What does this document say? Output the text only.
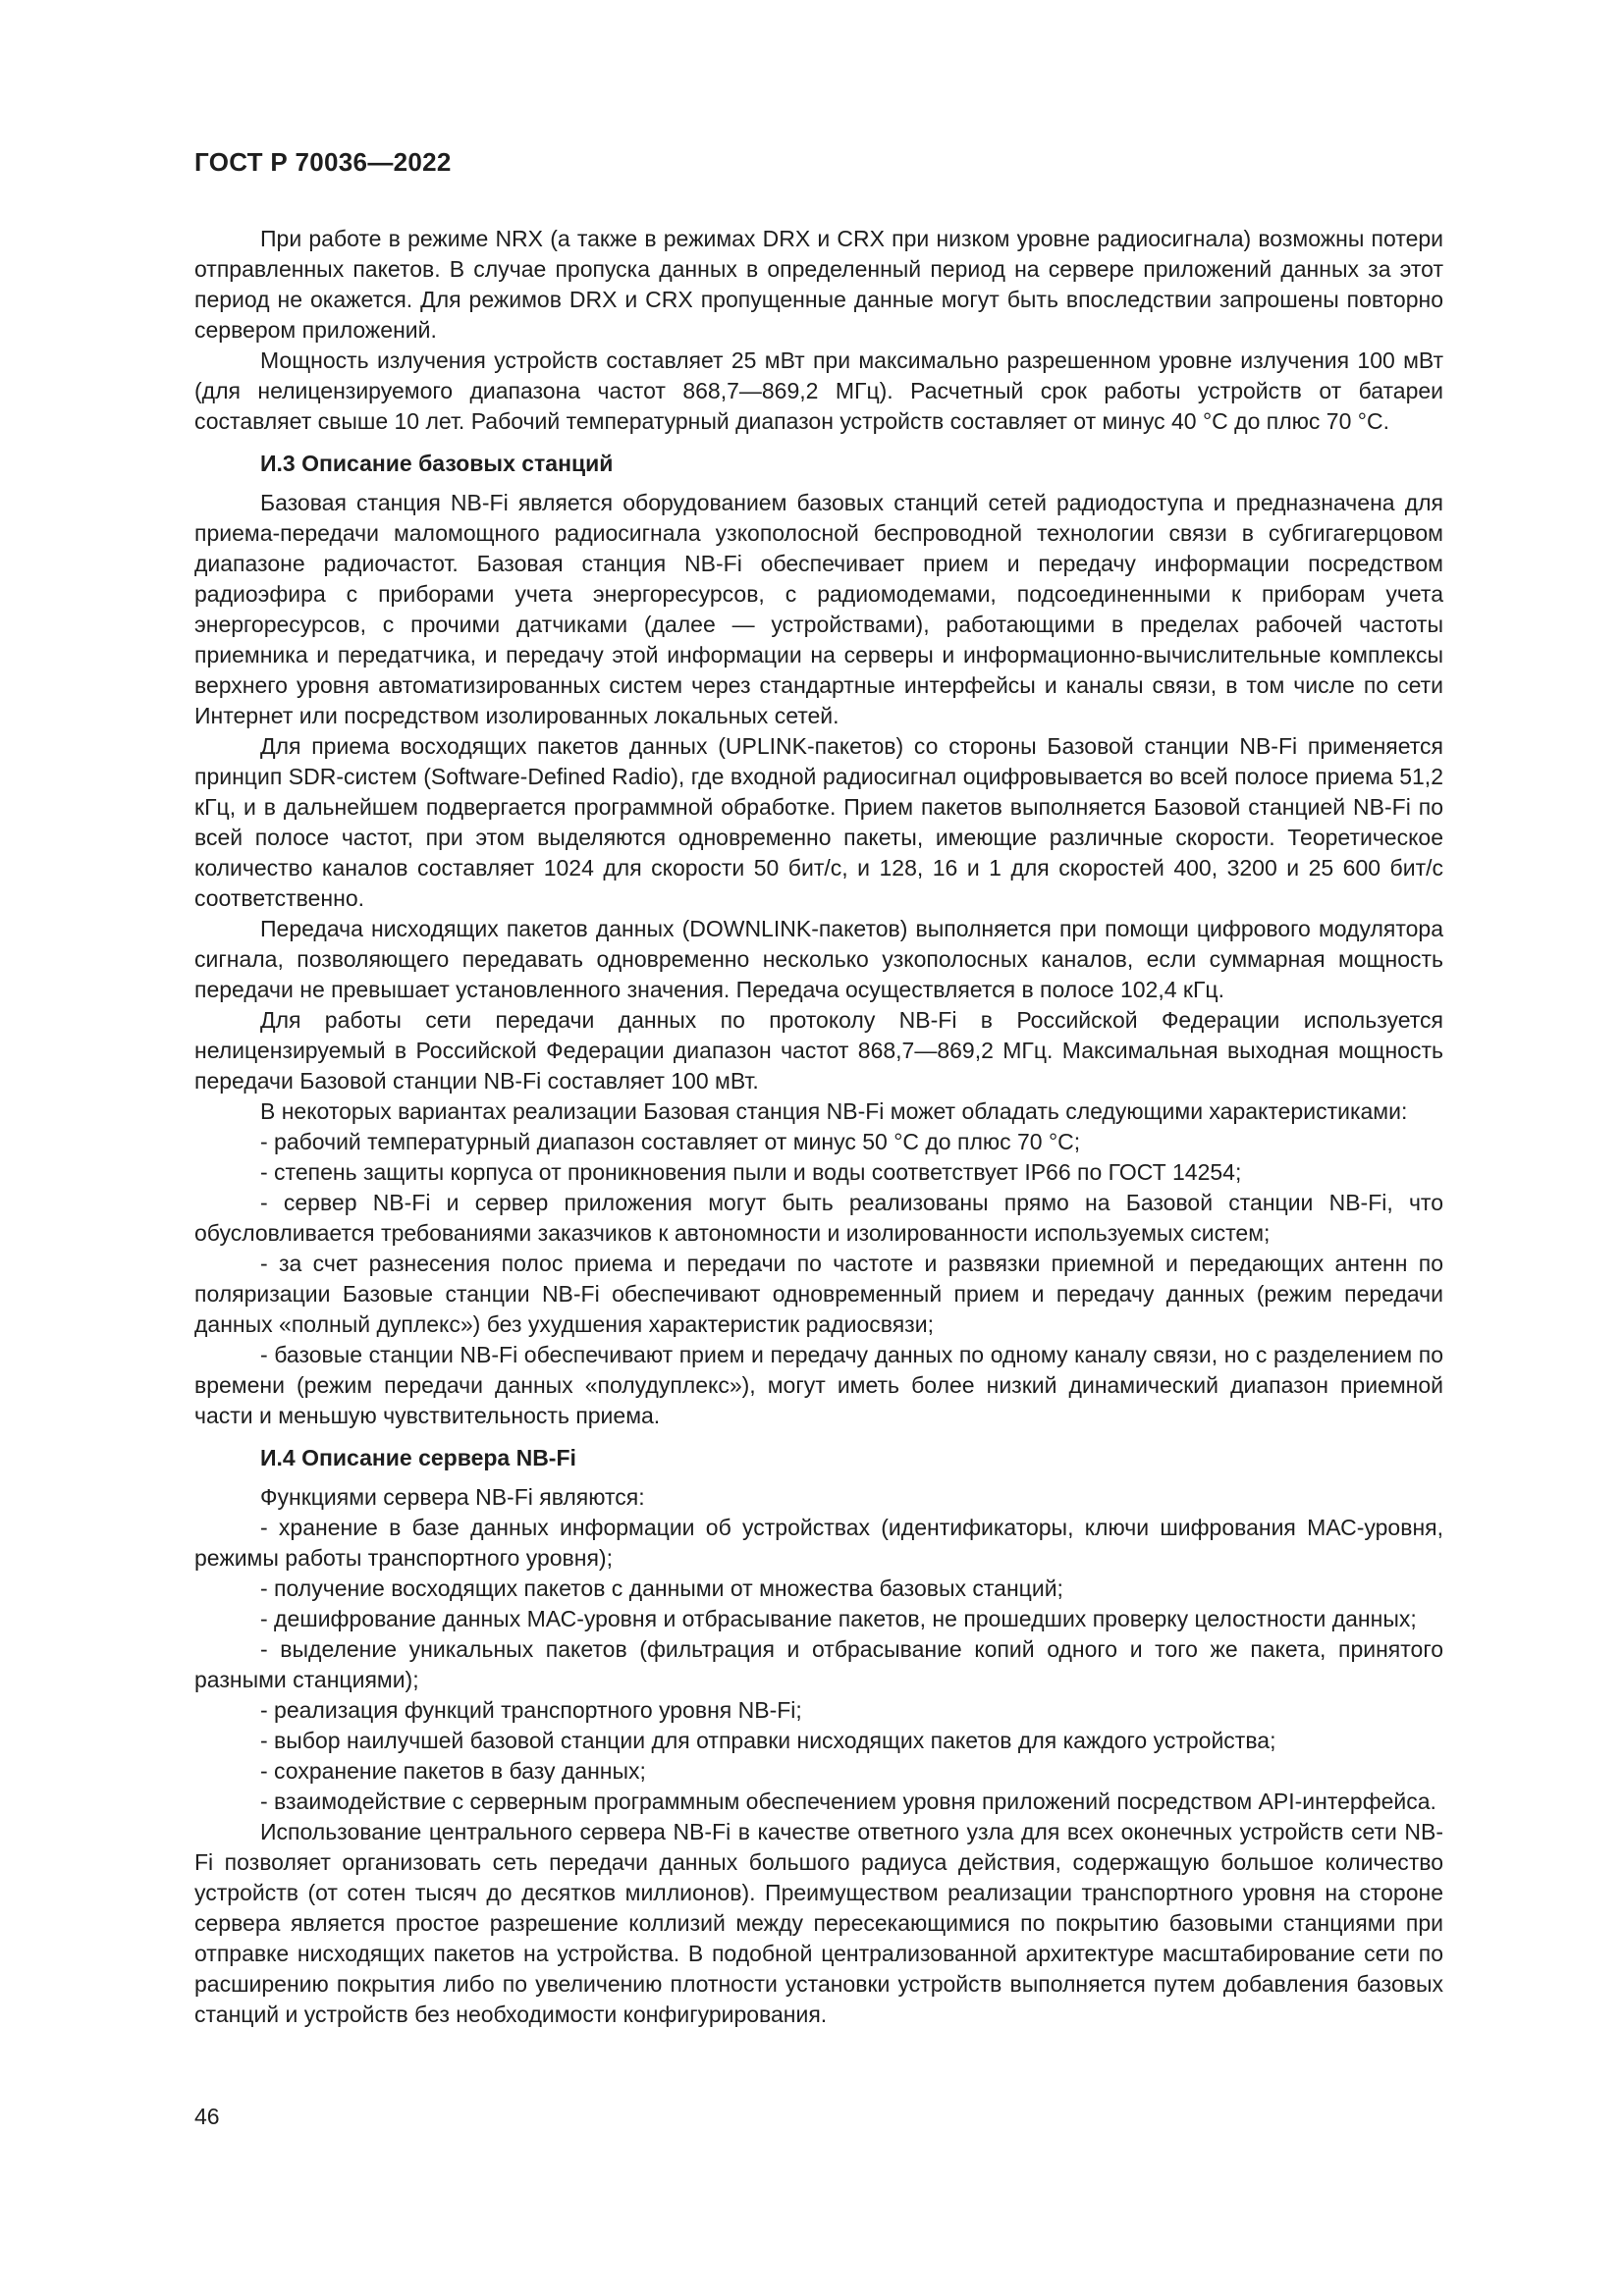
ГОСТ Р 70036—2022

При работе в режиме NRX (а также в режимах DRX и CRX при низком уровне радиосигнала) возможны потери отправленных пакетов. В случае пропуска данных в определенный период на сервере приложений данных за этот период не окажется. Для режимов DRX и CRX пропущенные данные могут быть впоследствии запрошены повторно сервером приложений.

Мощность излучения устройств составляет 25 мВт при максимально разрешенном уровне излучения 100 мВт (для нелицензируемого диапазона частот 868,7—869,2 МГц). Расчетный срок работы устройств от батареи составляет свыше 10 лет. Рабочий температурный диапазон устройств составляет от минус 40 °C до плюс 70 °C.

И.3 Описание базовых станций

Базовая станция NB-Fi является оборудованием базовых станций сетей радиодоступа и предназначена для приема-передачи маломощного радиосигнала узкополосной беспроводной технологии связи в субгигагерцовом диапазоне радиочастот. Базовая станция NB-Fi обеспечивает прием и передачу информации посредством радиоэфира с приборами учета энергоресурсов, с радиомодемами, подсоединенными к приборам учета энергоресурсов, с прочими датчиками (далее — устройствами), работающими в пределах рабочей частоты приемника и передатчика, и передачу этой информации на серверы и информационно-вычислительные комплексы верхнего уровня автоматизированных систем через стандартные интерфейсы и каналы связи, в том числе по сети Интернет или посредством изолированных локальных сетей.

Для приема восходящих пакетов данных (UPLINK-пакетов) со стороны Базовой станции NB-Fi применяется принцип SDR-систем (Software-Defined Radio), где входной радиосигнал оцифровывается во всей полосе приема 51,2 кГц, и в дальнейшем подвергается программной обработке. Прием пакетов выполняется Базовой станцией NB-Fi по всей полосе частот, при этом выделяются одновременно пакеты, имеющие различные скорости. Теоретическое количество каналов составляет 1024 для скорости 50 бит/с, и 128, 16 и 1 для скоростей 400, 3200 и 25 600 бит/с соответственно.

Передача нисходящих пакетов данных (DOWNLINK-пакетов) выполняется при помощи цифрового модулятора сигнала, позволяющего передавать одновременно несколько узкополосных каналов, если суммарная мощность передачи не превышает установленного значения. Передача осуществляется в полосе 102,4 кГц.

Для работы сети передачи данных по протоколу NB-Fi в Российской Федерации используется нелицензируемый в Российской Федерации диапазон частот 868,7—869,2 МГц. Максимальная выходная мощность передачи Базовой станции NB-Fi составляет 100 мВт.

В некоторых вариантах реализации Базовая станция NB-Fi может обладать следующими характеристиками:

- рабочий температурный диапазон составляет от минус 50 °C до плюс 70 °C;

- степень защиты корпуса от проникновения пыли и воды соответствует IP66 по ГОСТ 14254;

- сервер NB-Fi и сервер приложения могут быть реализованы прямо на Базовой станции NB-Fi, что обусловливается требованиями заказчиков к автономности и изолированности используемых систем;

- за счет разнесения полос приема и передачи по частоте и развязки приемной и передающих антенн по поляризации Базовые станции NB-Fi обеспечивают одновременный прием и передачу данных (режим передачи данных «полный дуплекс») без ухудшения характеристик радиосвязи;

- базовые станции NB-Fi обеспечивают прием и передачу данных по одному каналу связи, но с разделением по времени (режим передачи данных «полудуплекс»), могут иметь более низкий динамический диапазон приемной части и меньшую чувствительность приема.

И.4 Описание сервера NB-Fi

Функциями сервера NB-Fi являются:

- хранение в базе данных информации об устройствах (идентификаторы, ключи шифрования МАС-уровня, режимы работы транспортного уровня);

- получение восходящих пакетов с данными от множества базовых станций;

- дешифрование данных МАС-уровня и отбрасывание пакетов, не прошедших проверку целостности данных;

- выделение уникальных пакетов (фильтрация и отбрасывание копий одного и того же пакета, принятого разными станциями);

- реализация функций транспортного уровня NB-Fi;

- выбор наилучшей базовой станции для отправки нисходящих пакетов для каждого устройства;

- сохранение пакетов в базу данных;

- взаимодействие с серверным программным обеспечением уровня приложений посредством API-интерфейса.

Использование центрального сервера NB-Fi в качестве ответного узла для всех оконечных устройств сети NB-Fi позволяет организовать сеть передачи данных большого радиуса действия, содержащую большое количество устройств (от сотен тысяч до десятков миллионов). Преимуществом реализации транспортного уровня на стороне сервера является простое разрешение коллизий между пересекающимися по покрытию базовыми станциями при отправке нисходящих пакетов на устройства. В подобной централизованной архитектуре масштабирование сети по расширению покрытия либо по увеличению плотности установки устройств выполняется путем добавления базовых станций и устройств без необходимости конфигурирования.

46
